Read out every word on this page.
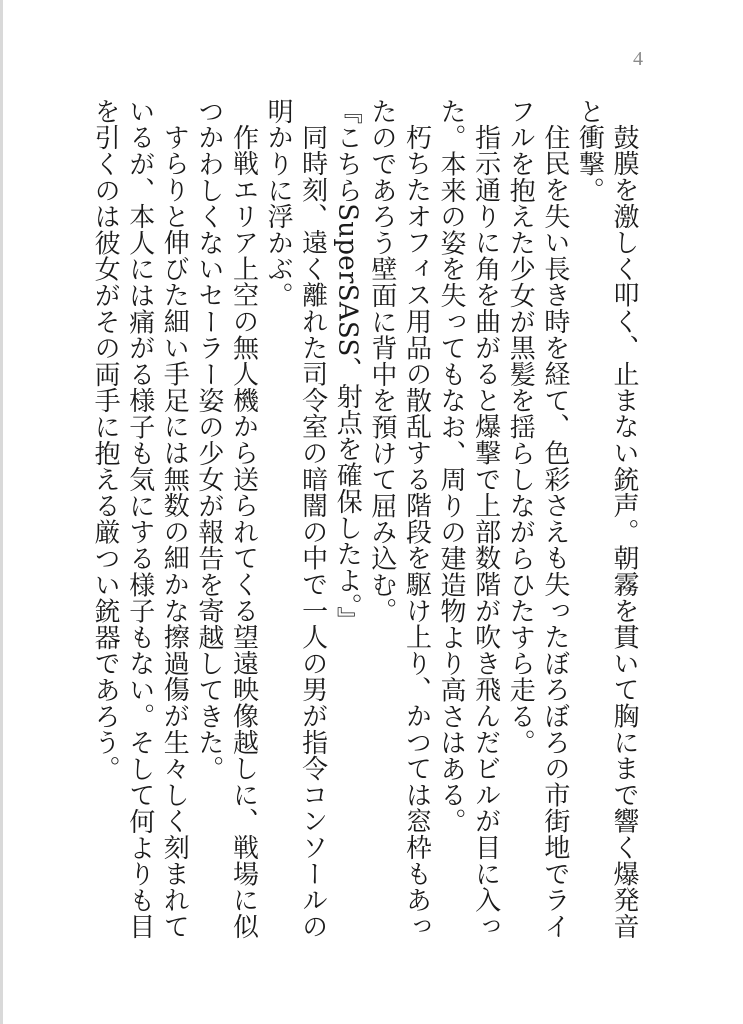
4

鼓膜を激しく叩く、止まない銃声。朝霧を貫いて胸にまで響く爆発音と衝撃。

住民を失い長き時を経て、色彩さえも失ったぼろぼろの市街地でライフルを抱えた少女が黒髪を揺らしながらひたすら走る。

指示通りに角を曲がると爆撃で上部数階が吹き飛んだビルが目に入った。本来の姿を失ってもなお、周りの建造物より高さはある。

朽ちたオフィス用品の散乱する階段を駆け上り、かつては窓枠もあったのであろう壁面に背中を預けて屈み込む。

『こちらSuperSASS、射点を確保したよ。』

同時刻、遠く離れた司令室の暗闇の中で一人の男が指令コンソールの明かりに浮かぶ。

作戦エリア上空の無人機から送られてくる望遠映像越しに、戦場に似つかわしくないセーラー姿の少女が報告を寄越してきた。

すらりと伸びた細い手足には無数の細かな擦過傷が生々しく刻まれているが、本人には痛がる様子も気にする様子もない。そして何よりも目を引くのは彼女がその両手に抱える厳つい銃器であろう。
